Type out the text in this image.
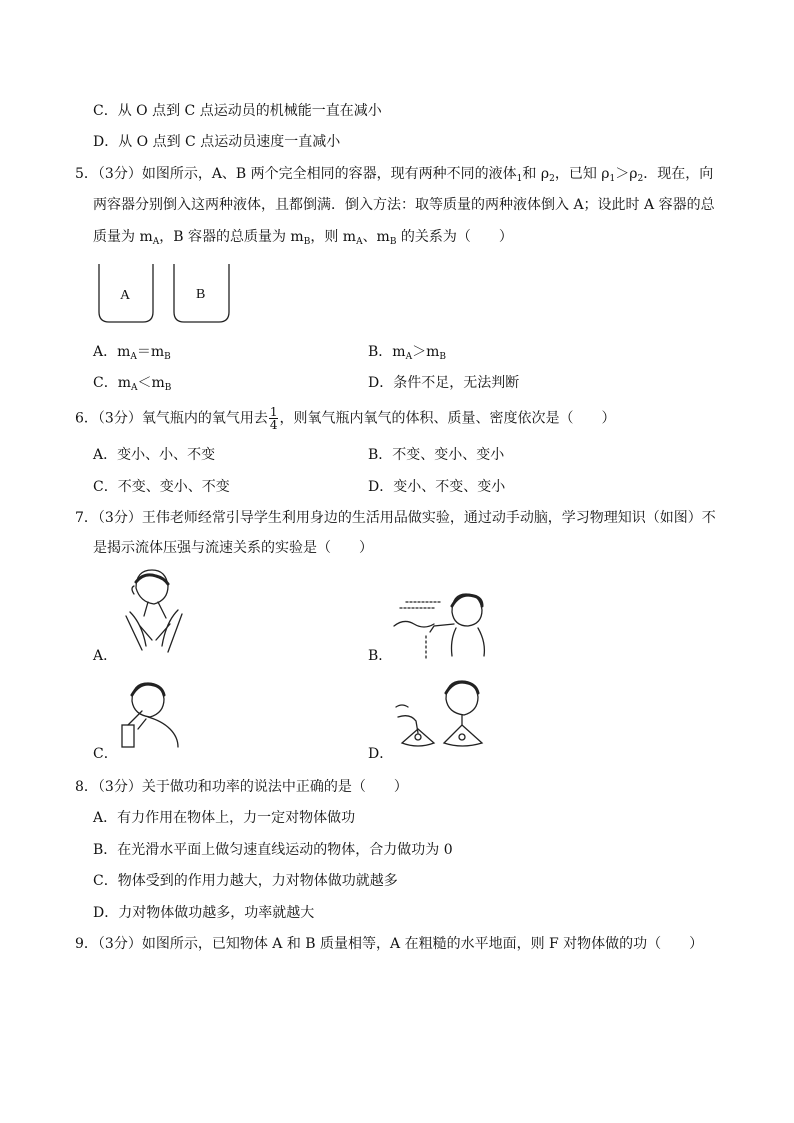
C．从 O 点到 C 点运动员的机械能一直在减小
D．从 O 点到 C 点运动员速度一直减小
5．（3分）如图所示，A、B 两个完全相同的容器，现有两种不同的液体$_1$和 $\rho_2$，已知 $\rho_1>\rho_2$．现在，向
两容器分别倒入这两种液体，且都倒满．倒入方法：取等质量的两种液体倒入 A；设此时 A 容器的总
质量为 $m_A$，B 容器的总质量为 $m_B$，则 $m_A$、$m_B$ 的关系为（　　）
A	B
A．$m_A=m_B$	B．$m_A>m_B$
C．$m_A<m_B$	D．条件不足，无法判断
6．（3分）氧气瓶内的氧气用去 $\frac{1}{4}$ ，则氧气瓶内氧气的体积、质量、密度依次是（　　）
A．变小、小、不变	B．不变、变小、变小
C．不变、变小、不变	D．变小、不变、变小
7．（3分）王伟老师经常引导学生利用身边的生活用品做实验，通过动手动脑，学习物理知识（如图）不
是揭示流体压强与流速关系的实验是（　　）
A．	B．
C．	D．
8．（3分）关于做功和功率的说法中正确的是（　　）
A．有力作用在物体上，力一定对物体做功
B．在光滑水平面上做匀速直线运动的物体，合力做功为 0
C．物体受到的作用力越大，力对物体做功就越多
D．力对物体做功越多，功率就越大
9．（3分）如图所示，已知物体 A 和 B 质量相等，A 在粗糙的水平地面，则 F 对物体做的功（　　）
